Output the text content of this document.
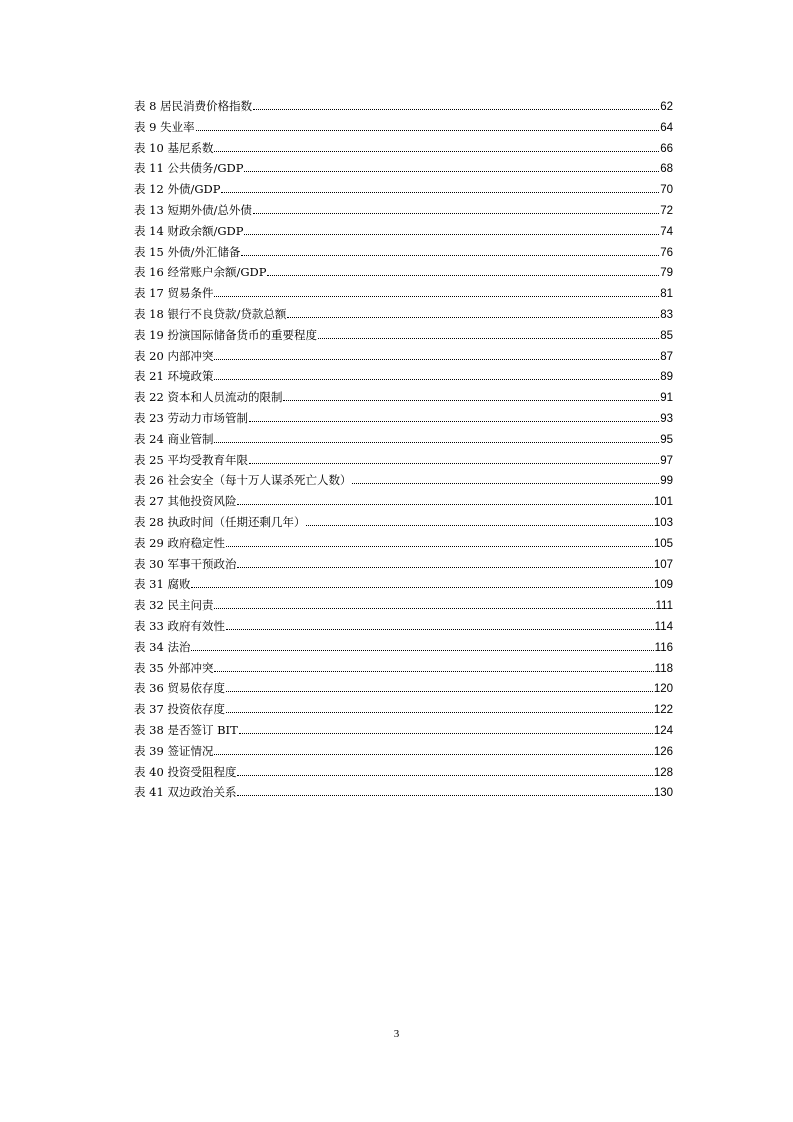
表 8 居民消费价格指数	62
表 9 失业率	64
表 10 基尼系数	66
表 11 公共债务/GDP	68
表 12 外债/GDP	70
表 13 短期外债/总外债	72
表 14 财政余额/GDP	74
表 15 外债/外汇储备	76
表 16 经常账户余额/GDP	79
表 17 贸易条件	81
表 18 银行不良贷款/贷款总额	83
表 19 扮演国际储备货币的重要程度	85
表 20 内部冲突	87
表 21 环境政策	89
表 22 资本和人员流动的限制	91
表 23 劳动力市场管制	93
表 24 商业管制	95
表 25 平均受教育年限	97
表 26 社会安全（每十万人谋杀死亡人数）	99
表 27 其他投资风险	101
表 28 执政时间（任期还剩几年）	103
表 29 政府稳定性	105
表 30 军事干预政治	107
表 31 腐败	109
表 32 民主问责	111
表 33 政府有效性	114
表 34 法治	116
表 35 外部冲突	118
表 36 贸易依存度	120
表 37 投资依存度	122
表 38 是否签订 BIT	124
表 39 签证情况	126
表 40 投资受阻程度	128
表 41 双边政治关系	130
3
